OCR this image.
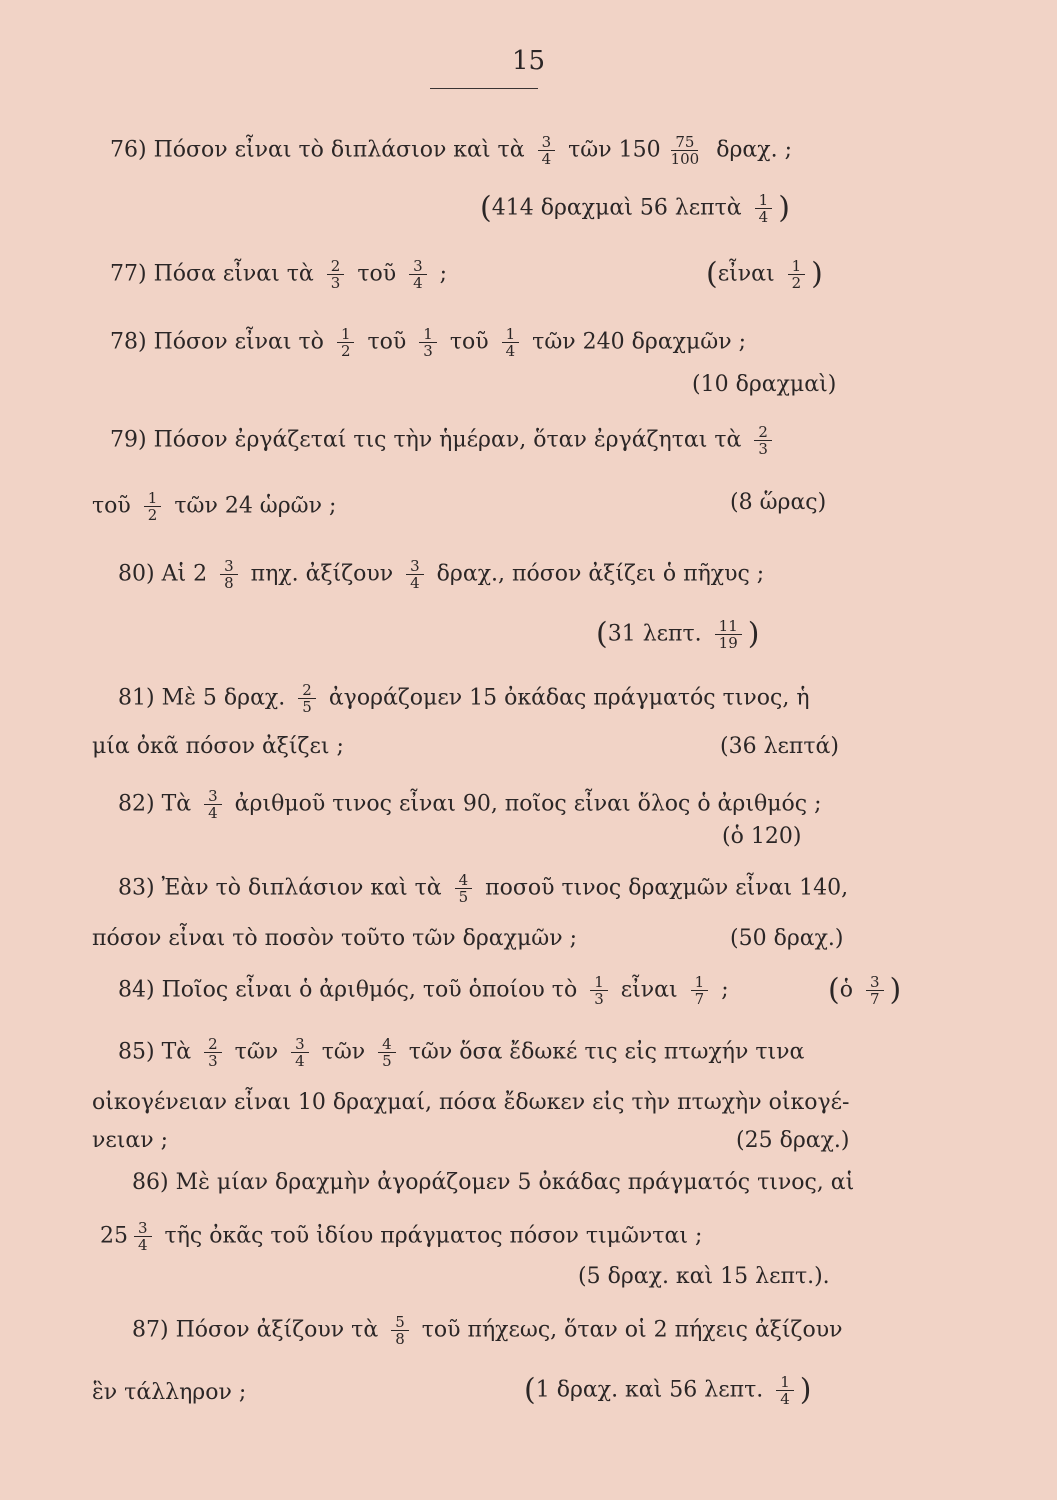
15
76) Πόσον εἶναι τὸ διπλάσιον καὶ τὰ $\frac{3}{4}$ τῶν $150 \frac{75}{100} \delta\rho\alpha\chi$. ;
(414 δραχμαὶ 56 λεπτὰ $\frac{1}{4}$ )
77) Πόσα εἶναι τὰ $\frac{2}{3}$ τοῦ $\frac{3}{4}$ ;	(εἶναι $\frac{1}{2}$ )
78) Πόσον εἶναι τὸ $\frac{1}{2}$ τοῦ $\frac{1}{3}$ τοῦ $\frac{1}{4}$ τῶν 240 δραχμῶν ;
(10 δραχμαὶ)
79) Πόσον ἐργάζεταί τις τὴν ἡμέραν, ὅταν ἐργάζηται τὰ $\frac{2}{3}$
τοῦ $\frac{1}{2}$ τῶν 24 ὡρῶν ;	(8 ὥρας)
80) Αἱ $2 \frac{3}{8} \pi\eta\chi$. ἀξίζουν $\frac{3}{4} \delta\rho\alpha\chi$., πόσον ἀξίζει ὁ πῆχυς ;
(31 λεπτ. $\frac{11}{19}$ )
81) Μὲ 5 δραχ. $\frac{2}{5}$ ἀγοράζομεν 15 ὀκάδας πράγματός τινος, ἡ
μία ὀκᾶ πόσον ἀξίζει ;	(36 λεπτά)
82) Τὰ $\frac{3}{4}$ ἀριθμοῦ τινος εἶναι 90, ποῖος εἶναι ὅλος ὁ ἀριθμός ;
(ὁ 120)
83) Ἐὰν τὸ διπλάσιον καὶ τὰ $\frac{4}{5}$ ποσοῦ τινος δραχμῶν εἶναι 140,
πόσον εἶναι τὸ ποσὸν τοῦτο τῶν δραχμῶν ;	(50 δραχ.)
84) Ποῖος εἶναι ὁ ἀριθμός, τοῦ ὁποίου τὸ $\frac{1}{3}$ εἶναι $\frac{1}{7}$ ;	(ὁ $\frac{3}{7}$ )
85) Τὰ $\frac{2}{3}$ τῶν $\frac{3}{4}$ τῶν $\frac{4}{5}$ τῶν ὅσα ἔδωκέ τις εἰς πτωχήν τινα
οἰκογένειαν εἶναι 10 δραχμαί, πόσα ἔδωκεν εἰς τὴν πτωχὴν οἰκογέ-
νειαν ;	(25 δραχ.)
86) Μὲ μίαν δραχμὴν ἀγοράζομεν 5 ὀκάδας πράγματός τινος, αἱ
$25 \frac{3}{4}$ τῆς ὀκᾶς τοῦ ἰδίου πράγματος πόσον τιμῶνται ;
(5 δραχ. καὶ 15 λεπτ.).
87) Πόσον ἀξίζουν τὰ $\frac{5}{8}$ τοῦ πήχεως, ὅταν οἱ 2 πήχεις ἀξίζουν
ἓν τάλληρον ;	(1 δραχ. καὶ 56 λεπτ. $\frac{1}{4}$ )
